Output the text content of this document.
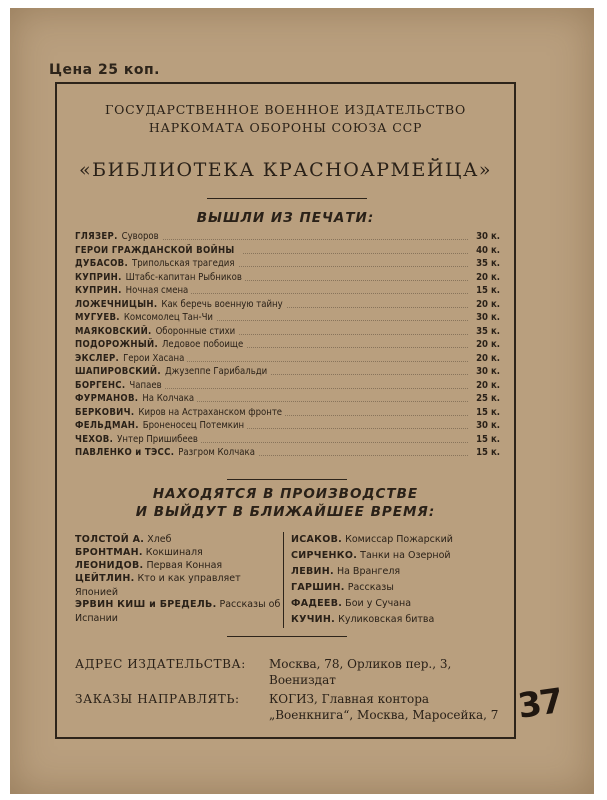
Цена 25 коп.
ГОСУДАРСТВЕННОЕ ВОЕННОЕ ИЗДАТЕЛЬСТВО
НАРКОМАТА ОБОРОНЫ СОЮЗА ССР
«БИБЛИОТЕКА КРАСНОАРМЕЙЦА»
ВЫШЛИ ИЗ ПЕЧАТИ:
ГЛЯЗЕР. Суворов	30 к.
ГЕРОИ ГРАЖДАНСКОЙ ВОЙНЫ	40 к.
ДУБАСОВ. Трипольская трагедия	35 к.
КУПРИН. Штабс-капитан Рыбников	20 к.
КУПРИН. Ночная смена	15 к.
ЛОЖЕЧНИЦЫН. Как беречь военную тайну	20 к.
МУГУЕВ. Комсомолец Тан-Чи	30 к.
МАЯКОВСКИЙ. Оборонные стихи	35 к.
ПОДОРОЖНЫЙ. Ледовое побоище	20 к.
ЭКСЛЕР. Герои Хасана	20 к.
ШАПИРОВСКИЙ. Джузеппе Гарибальди	30 к.
БОРГЕНС. Чапаев	20 к.
ФУРМАНОВ. На Колчака	25 к.
БЕРКОВИЧ. Киров на Астраханском фронте	15 к.
ФЕЛЬДМАН. Броненосец Потемкин	30 к.
ЧЕХОВ. Унтер Пришибеев	15 к.
ПАВЛЕНКО и ТЭСС. Разгром Колчака	15 к.
НАХОДЯТСЯ В ПРОИЗВОДСТВЕ
И ВЫЙДУТ В БЛИЖАЙШЕЕ ВРЕМЯ:
ТОЛСТОЙ А. Хлеб
БРОНТМАН. Кокшиналя
ЛЕОНИДОВ. Первая Конная
ЦЕЙТЛИН. Кто и как управляет Японией
ЭРВИН КИШ и БРЕДЕЛЬ. Рассказы об Испании
ИСАКОВ. Комиссар Пожарский
СИРЧЕНКО. Танки на Озерной
ЛЕВИН. На Врангеля
ГАРШИН. Рассказы
ФАДЕЕВ. Бои у Сучана
КУЧИН. Куликовская битва
АДРЕС ИЗДАТЕЛЬСТВА: Москва, 78, Орликов пер., 3, Воениздат
ЗАКАЗЫ НАПРАВЛЯТЬ: КОГИЗ, Главная контора „Военкнига“, Москва, Маросейка, 7 37
